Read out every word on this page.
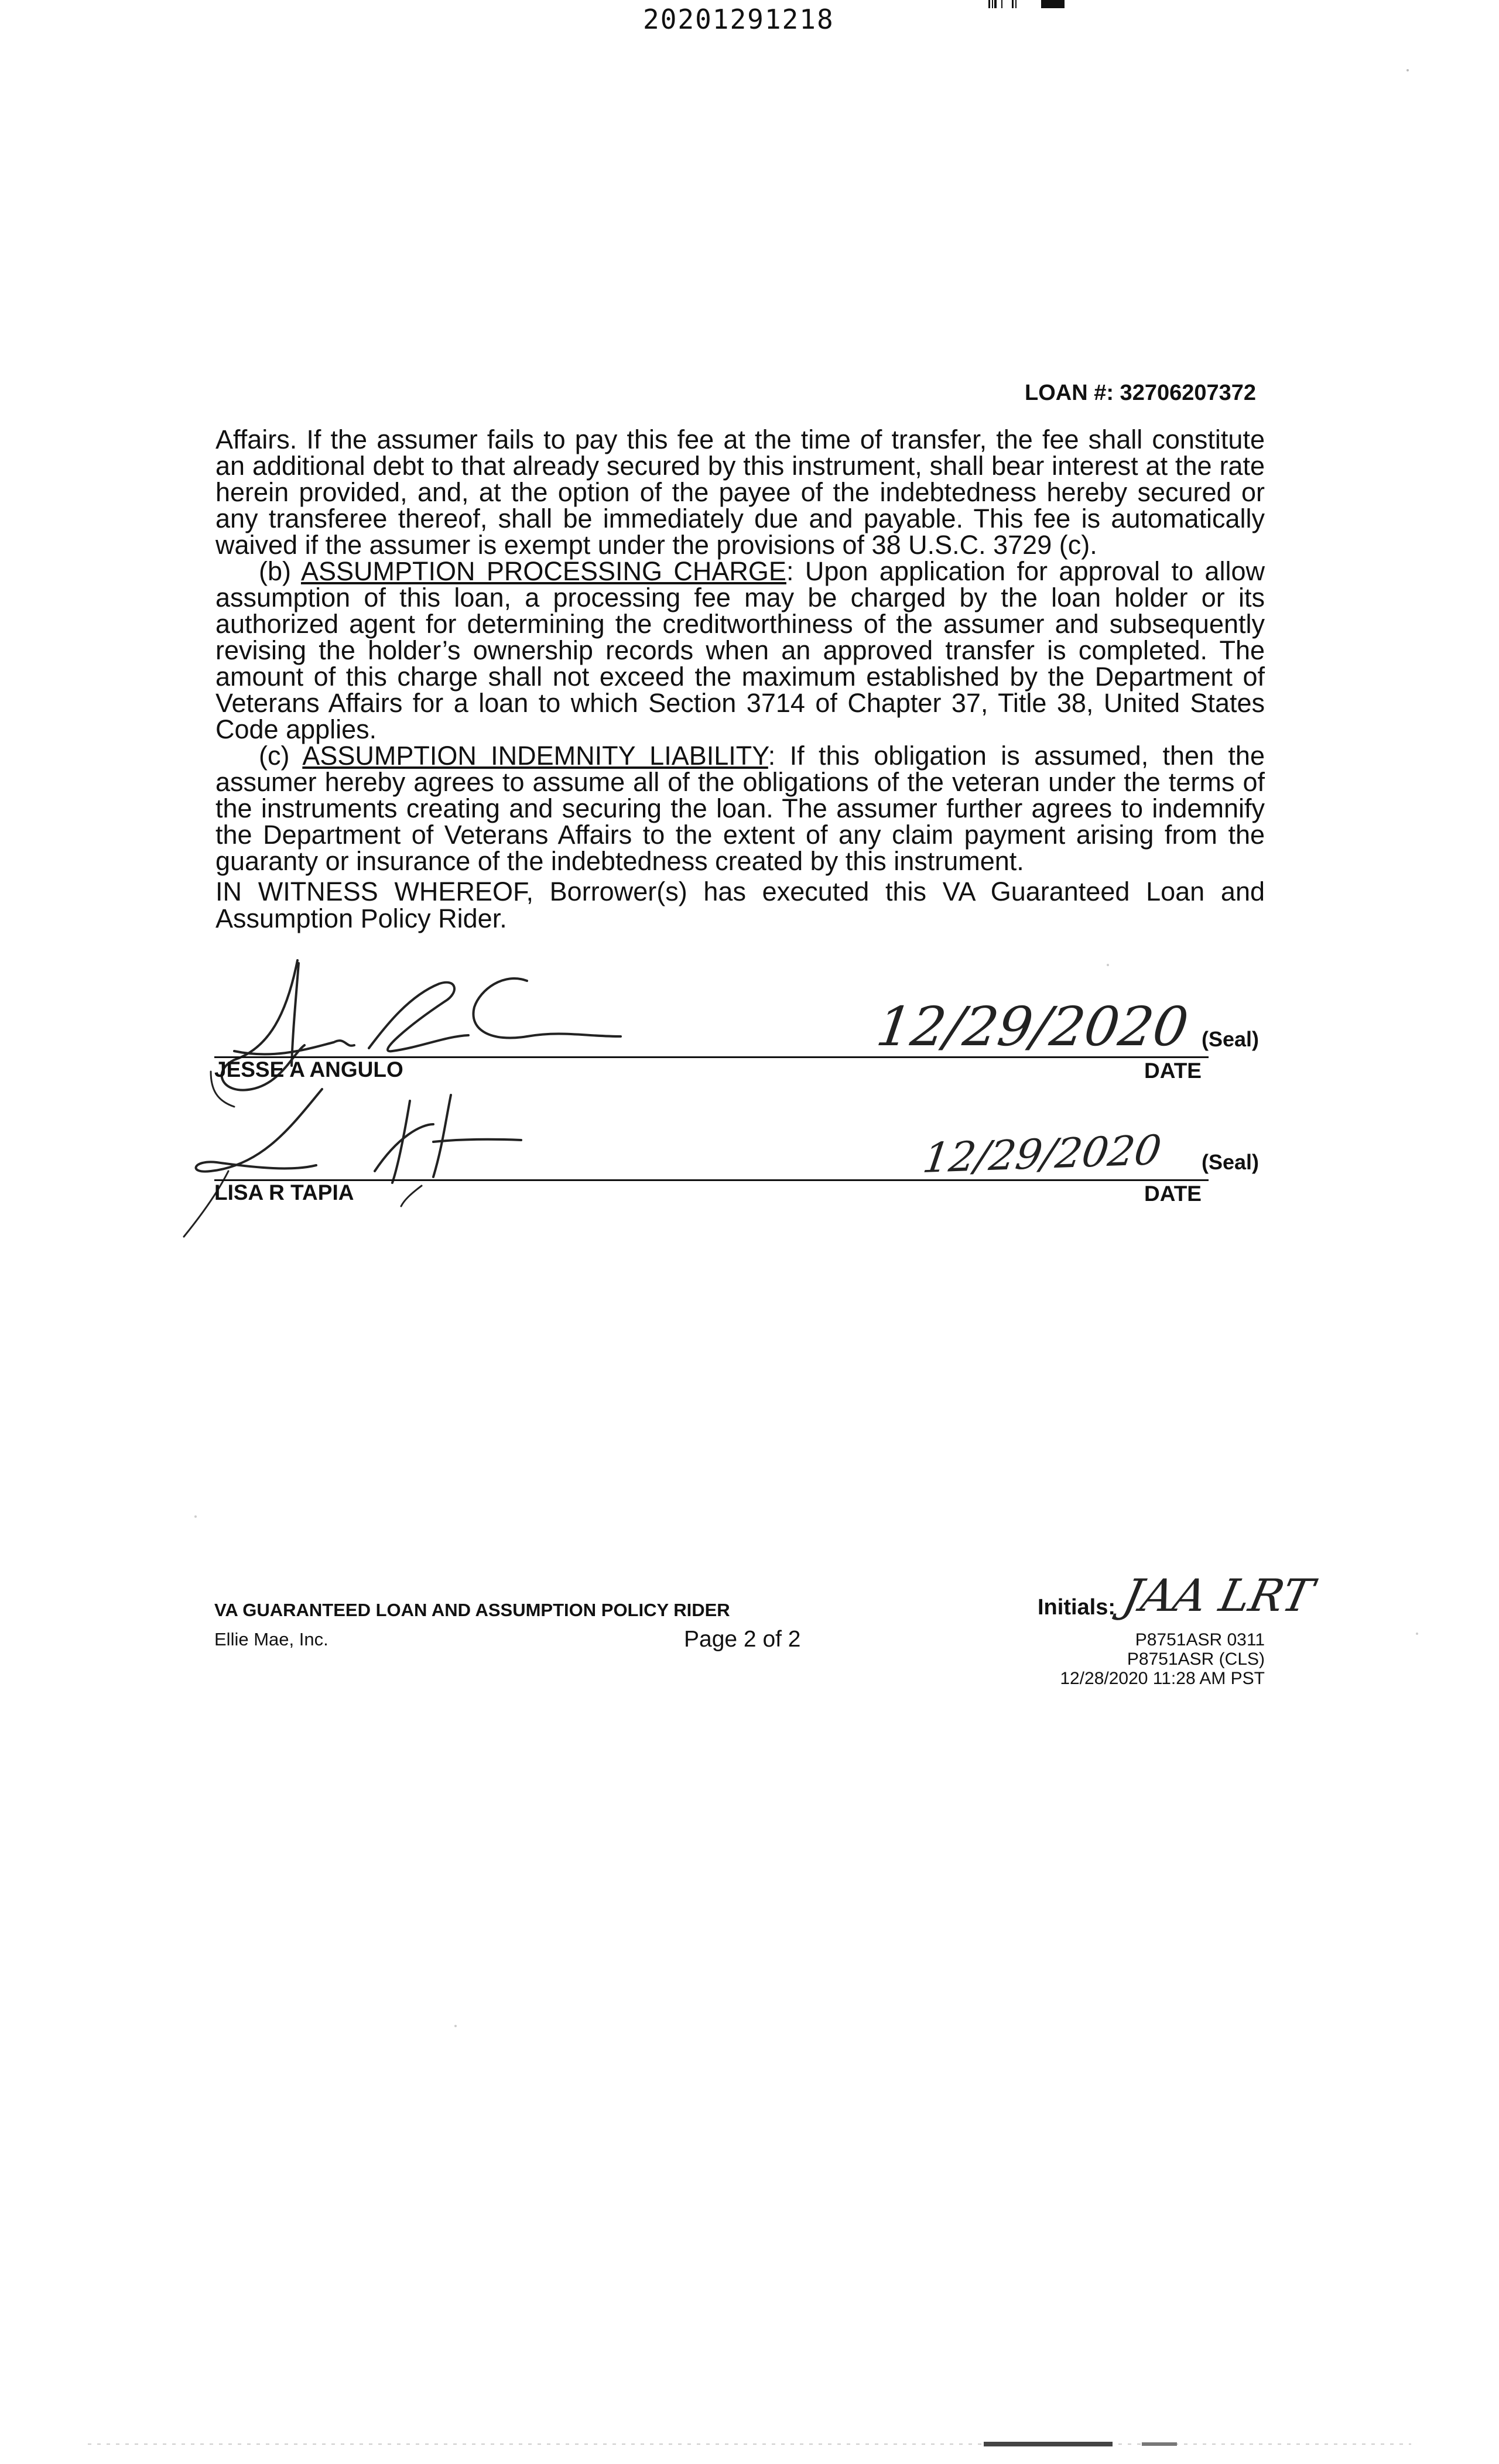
20201291218
LOAN #: 32706207372

Affairs. If the assumer fails to pay this fee at the time of transfer, the fee shall constitute an additional debt to that already secured by this instrument, shall bear interest at the rate herein provided, and, at the option of the payee of the indebtedness hereby secured or any transferee thereof, shall be immediately due and payable. This fee is automatically waived if the assumer is exempt under the provisions of 38 U.S.C. 3729 (c).

(b) ASSUMPTION PROCESSING CHARGE: Upon application for approval to allow assumption of this loan, a processing fee may be charged by the loan holder or its authorized agent for determining the creditworthiness of the assumer and subsequently revising the holder’s ownership records when an approved transfer is completed. The amount of this charge shall not exceed the maximum established by the Department of Veterans Affairs for a loan to which Section 3714 of Chapter 37, Title 38, United States Code applies.

(c) ASSUMPTION INDEMNITY LIABILITY: If this obligation is assumed, then the assumer hereby agrees to assume all of the obligations of the veteran under the terms of the instruments creating and securing the loan. The assumer further agrees to indemnify the Department of Veterans Affairs to the extent of any claim payment arising from the guaranty or insurance of the indebtedness created by this instrument.

IN WITNESS WHEREOF, Borrower(s) has executed this VA Guaranteed Loan and Assumption Policy Rider.

12/29/2020 (Seal)
JESSE A ANGULO	DATE
12/29/2020 (Seal)
LISA R TAPIA	DATE
VA GUARANTEED LOAN AND ASSUMPTION POLICY RIDER
Ellie Mae, Inc.	Page 2 of 2
Initials: JAA LRT
P8751ASR 0311
P8751ASR (CLS)
12/28/2020 11:28 AM PST
